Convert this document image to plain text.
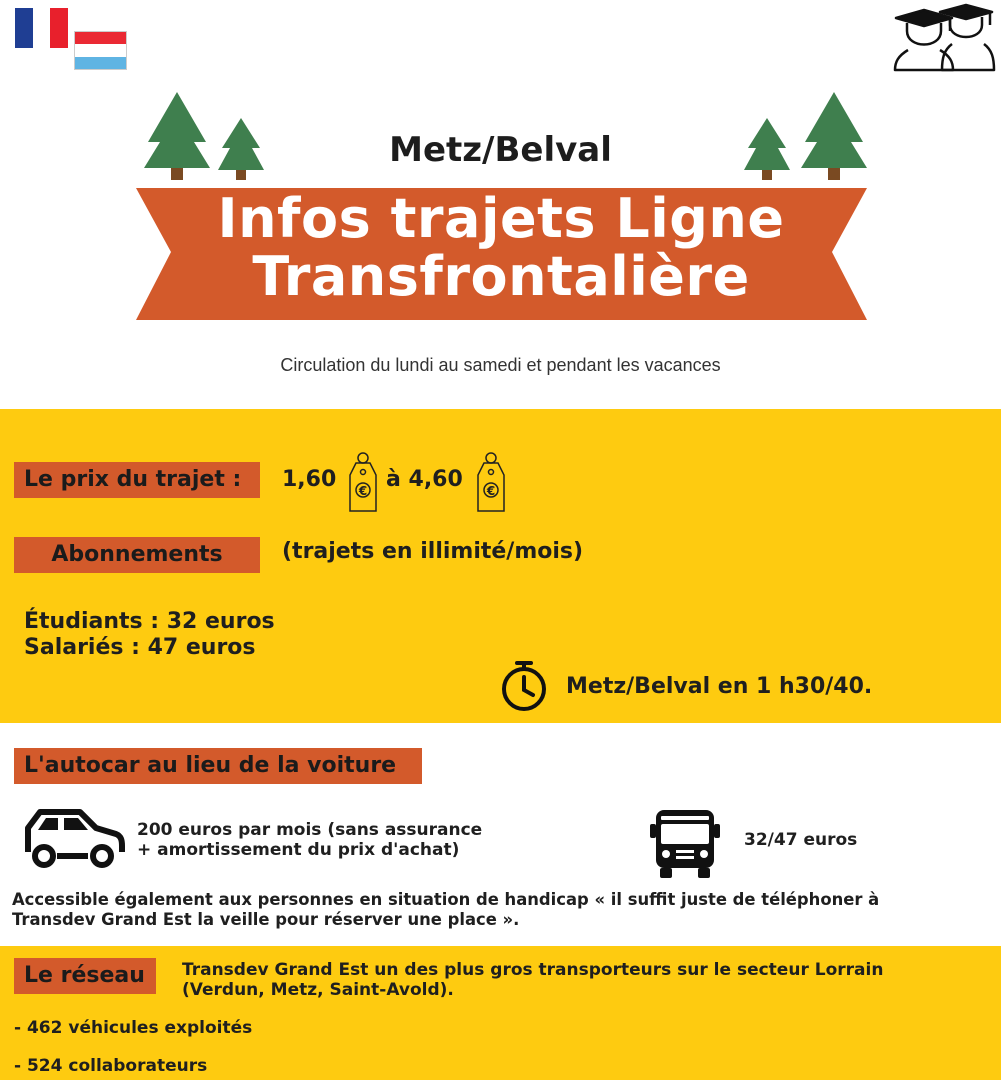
Metz/Belval
Infos trajets Ligne
Transfrontalière
Circulation du lundi au samedi et pendant les vacances
Le prix du trajet :	1,60 € à 4,60 €
Abonnements	(trajets en illimité/mois)
Étudiants : 32 euros
Salariés : 47 euros
Metz/Belval en 1 h30/40.
L'autocar au lieu de la voiture
200 euros par mois (sans assurance
+ amortissement du prix d'achat)	32/47 euros
Accessible également aux personnes en situation de handicap « il suffit juste de téléphoner à
Transdev Grand Est la veille pour réserver une place ».
Le réseau	Transdev Grand Est un des plus gros transporteurs sur le secteur Lorrain
(Verdun, Metz, Saint-Avold).
- 462 véhicules exploités
- 524 collaborateurs
